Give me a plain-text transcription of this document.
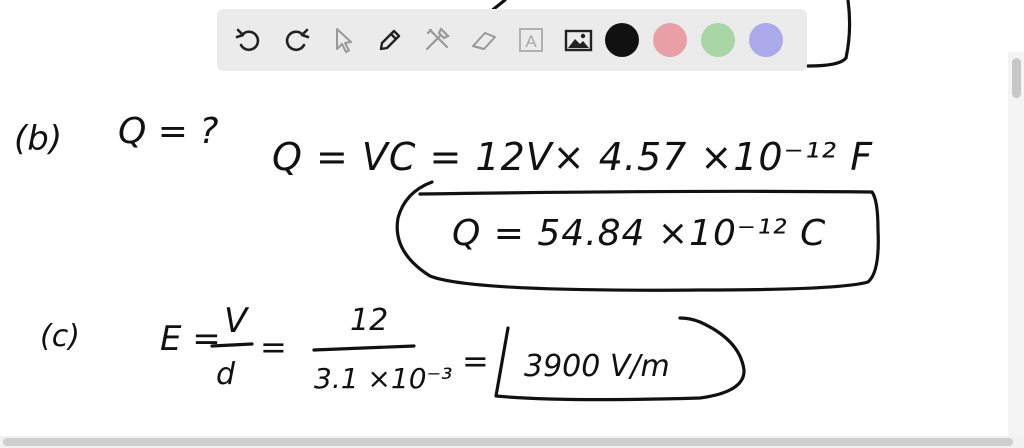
(b) Q = ?
Q = VC = 12V× 4.57 ×10⁻¹² F
Q = 54.84 ×10⁻¹² C
(c) E = V
d
=
12
3.1 ×10⁻³ = 3900 V/m
A
